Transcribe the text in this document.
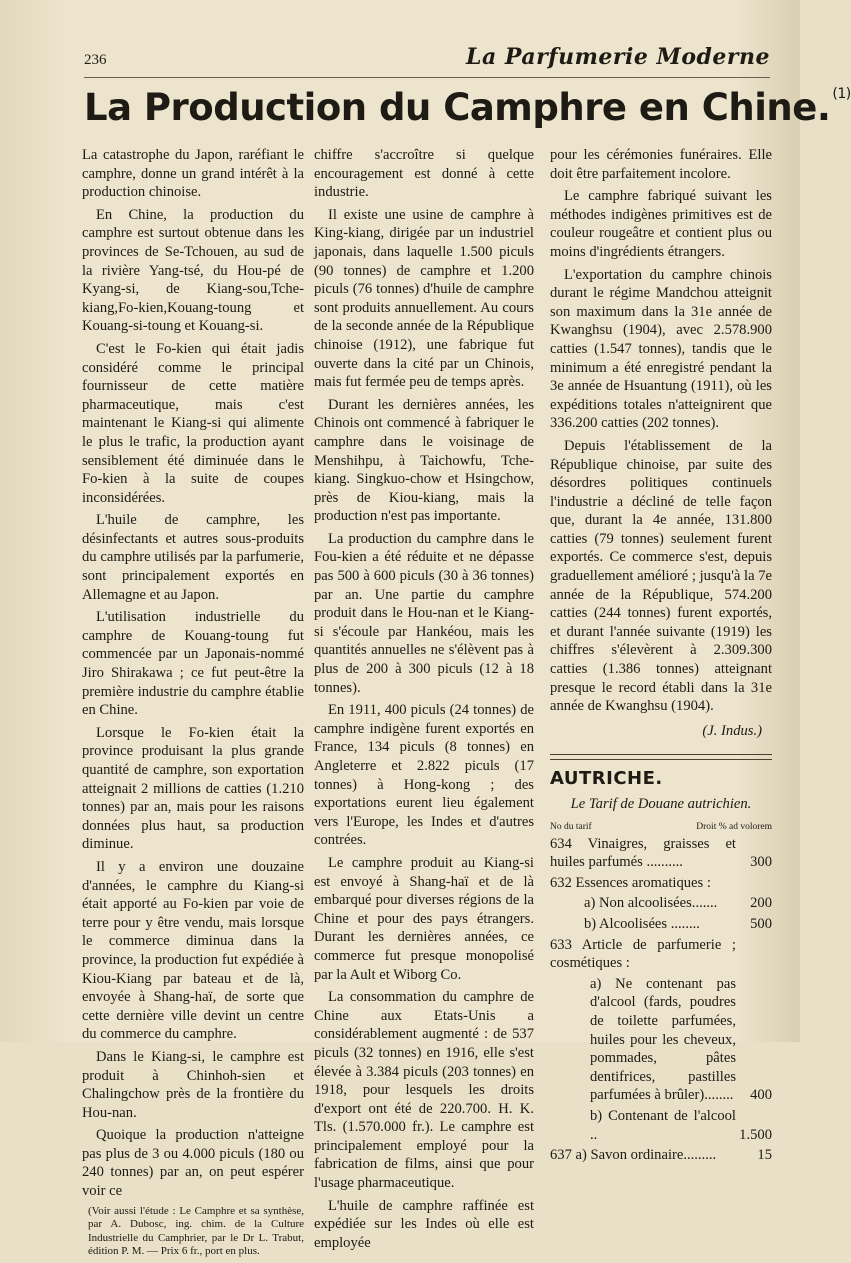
236	La Parfumerie Moderne
La Production du Camphre en Chine. $^{(1)}$

La catastrophe du Japon, raréfiant le camphre, donne un grand intérêt à la production chinoise.

En Chine, la production du camphre est surtout obtenue dans les provinces de Se-Tchouen, au sud de la rivière Yang-tsé, du Hou-pé de Kyang-si, de Kiang-sou,Tche-kiang,Fo-kien,Kouang-toung et Kouang-si-toung et Kouang-si.

C'est le Fo-kien qui était jadis considéré comme le principal fournisseur de cette matière pharmaceutique, mais c'est maintenant le Kiang-si qui alimente le plus le trafic, la production ayant sensiblement été diminuée dans le Fo-kien à la suite de coupes inconsidérées.

L'huile de camphre, les désinfectants et autres sous-produits du camphre utilisés par la parfumerie, sont principalement exportés en Allemagne et au Japon.

L'utilisation industrielle du camphre de Kouang-toung fut commencée par un Japonais-nommé Jiro Shirakawa ; ce fut peut-être la première industrie du camphre établie en Chine.

Lorsque le Fo-kien était la province produisant la plus grande quantité de camphre, son exportation atteignait 2 millions de catties (1.210 tonnes) par an, mais pour les raisons données plus haut, sa production diminue.

Il y a environ une douzaine d'années, le camphre du Kiang-si était apporté au Fo-kien par voie de terre pour y être vendu, mais lorsque le commerce diminua dans la province, la production fut expédiée à Kiou-Kiang par bateau et de là, envoyée à Shang-haï, de sorte que cette dernière ville devint un centre du commerce du camphre.

Dans le Kiang-si, le camphre est produit à Chinhoh-sien et Chalingchow près de la frontière du Hou-nan.

Quoique la production n'atteigne pas plus de 3 ou 4.000 piculs (180 ou 240 tonnes) par an, on peut espérer voir ce

(Voir aussi l'étude : Le Camphre et sa synthèse, par A. Dubosc, ing. chim. de la Culture Industrielle du Camphrier, par le Dr L. Trabut, édition P. M. — Prix 6 fr., port en plus.

chiffre s'accroître si quelque encouragement est donné à cette industrie.

Il existe une usine de camphre à King-kiang, dirigée par un industriel japonais, dans laquelle 1.500 piculs (90 tonnes) de camphre et 1.200 piculs (76 tonnes) d'huile de camphre sont produits annuellement. Au cours de la seconde année de la République chinoise (1912), une fabrique fut ouverte dans la cité par un Chinois, mais fut fermée peu de temps après.

Durant les dernières années, les Chinois ont commencé à fabriquer le camphre dans le voisinage de Menshihpu, à Taichowfu, Tche-kiang. Singkuo-chow et Hsingchow, près de Kiou-kiang, mais la production n'est pas importante.

La production du camphre dans le Fou-kien a été réduite et ne dépasse pas 500 à 600 piculs (30 à 36 tonnes) par an. Une partie du camphre produit dans le Hou-nan et le Kiang-si s'écoule par Hankéou, mais les quantités annuelles ne s'élèvent pas à plus de 200 à 300 piculs (12 à 18 tonnes).

En 1911, 400 piculs (24 tonnes) de camphre indigène furent exportés en France, 134 piculs (8 tonnes) en Angleterre et 2.822 piculs (17 tonnes) à Hong-kong ; des exportations eurent lieu également vers l'Europe, les Indes et d'autres contrées.

Le camphre produit au Kiang-si est envoyé à Shang-haï et de là embarqué pour diverses régions de la Chine et pour des pays étrangers. Durant les dernières années, ce commerce fut presque monopolisé par la Ault et Wiborg Co.

La consommation du camphre de Chine aux Etats-Unis a considérablement augmenté : de 537 piculs (32 tonnes) en 1916, elle s'est élevée à 3.384 piculs (203 tonnes) en 1918, pour lesquels les droits d'export ont été de 220.700. H. K. Tls. (1.570.000 fr.). Le camphre est principalement employé pour la fabrication de films, ainsi que pour l'usage pharmaceutique.

L'huile de camphre raffinée est expédiée sur les Indes où elle est employée

pour les cérémonies funéraires. Elle doit être parfaitement incolore.

Le camphre fabriqué suivant les méthodes indigènes primitives est de couleur rougeâtre et contient plus ou moins d'ingrédients étrangers.

L'exportation du camphre chinois durant le régime Mandchou atteignit son maximum dans la 31e année de Kwanghsu (1904), avec 2.578.900 catties (1.547 tonnes), tandis que le minimum a été enregistré pendant la 3e année de Hsuantung (1911), où les expéditions totales n'atteignirent que 336.200 catties (202 tonnes).

Depuis l'établissement de la République chinoise, par suite des désordres politiques continuels l'industrie a décliné de telle façon que, durant la 4e année, 131.800 catties (79 tonnes) seulement furent exportés. Ce commerce s'est, depuis graduellement amélioré ; jusqu'à la 7e année de la République, 574.200 catties (244 tonnes) furent exportés, et durant l'année suivante (1919) les chiffres s'élevèrent à 2.309.300 catties (1.386 tonnes) atteignant presque le record établi dans la 31e année de Kwanghsu (1904).

(J. Indus.)

AUTRICHE.
Le Tarif de Douane autrichien.
No du tarif	Droit % ad volorem
634 Vinaigres, graisses et huiles parfumés ..........	300
632 Essences aromatiques :
a) Non alcoolisées.......	200
b) Alcoolisées ........	500
633 Article de parfumerie ; cosmétiques :
a) Ne contenant pas d'alcool (fards, poudres de toilette parfumées, huiles pour les cheveux, pommades, pâtes dentifrices, pastilles parfumées à brûler)........	400
b) Contenant de l'alcool ..	1.500
637 a) Savon ordinaire.........	15
